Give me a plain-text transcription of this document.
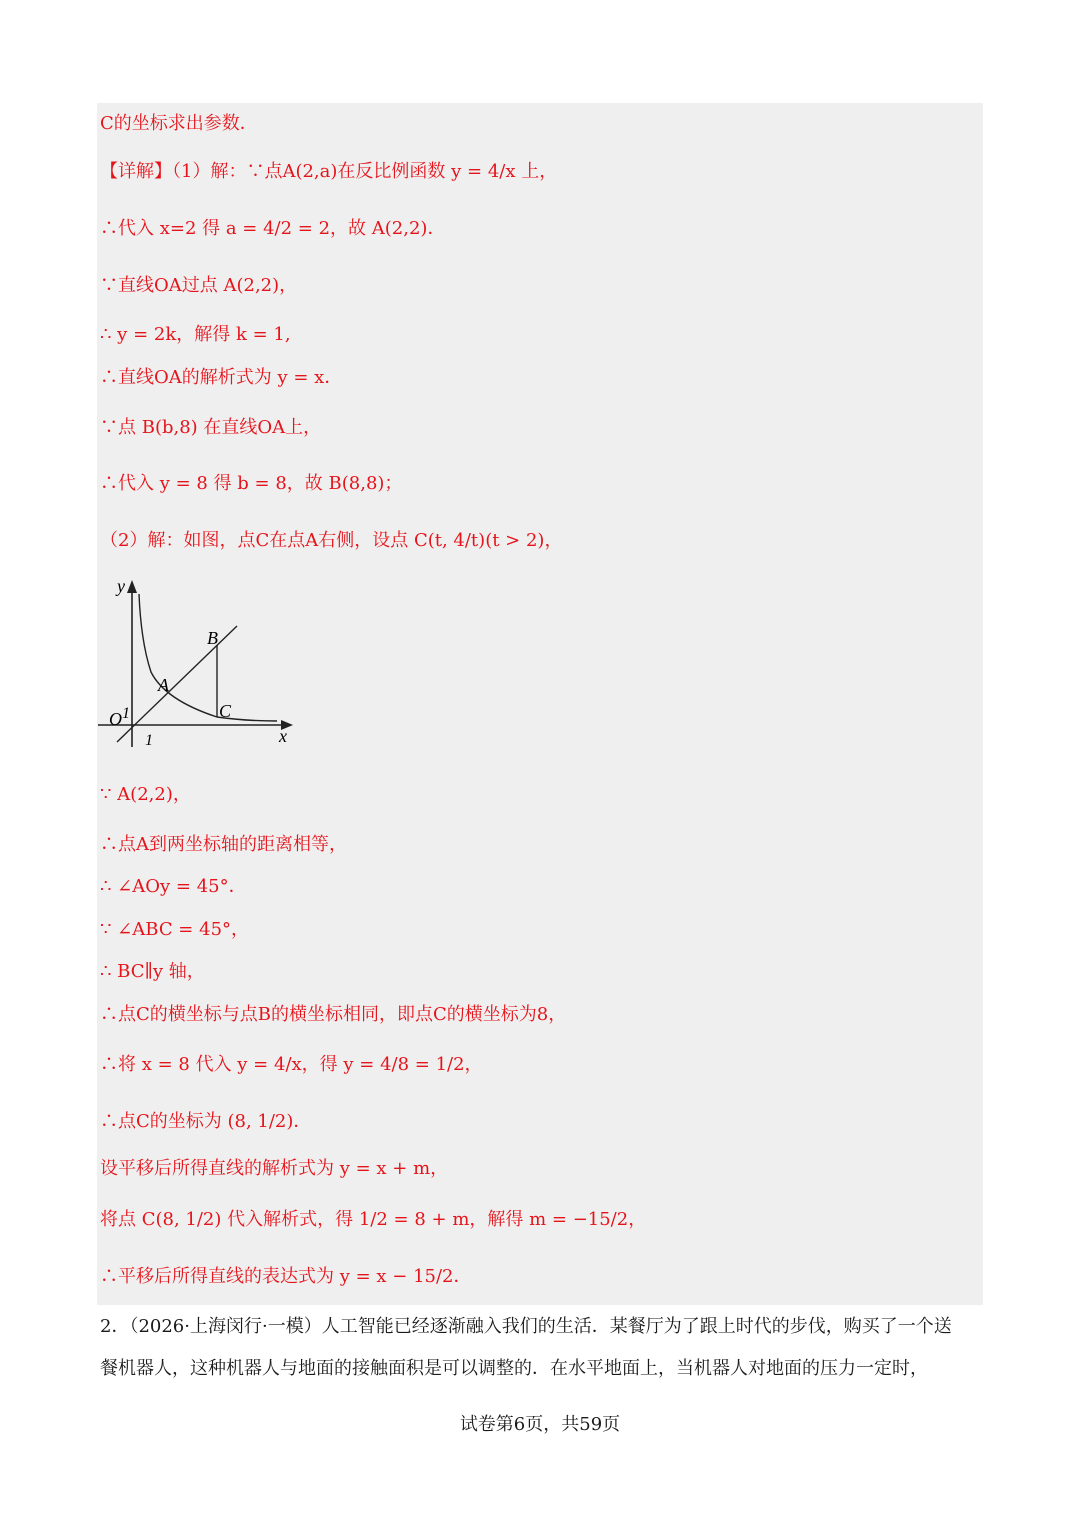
C的坐标求出参数．
【详解】（1）解：∵点A(2,a)在反比例函数 y = 4/x 上，
∴代入 x=2 得 a = 4/2 = 2，故 A(2,2)．
∵直线OA过点 A(2,2)，
∴ y = 2k，解得 k = 1,
∴直线OA的解析式为 y = x．
∵点 B(b,8) 在直线OA上，
∴代入 y = 8 得 b = 8，故 B(8,8)；
（2）解：如图，点C在点A右侧，设点 C(t, 4/t)(t > 2)，
y
x
O
A
B
C
1
1
∵ A(2,2)，
∴点A到两坐标轴的距离相等，
∴ ∠AOy = 45°．
∵ ∠ABC = 45°，
∴ BC∥y 轴，
∴点C的横坐标与点B的横坐标相同，即点C的横坐标为8，
∴将 x = 8 代入 y = 4/x，得 y = 4/8 = 1/2，
∴点C的坐标为 (8, 1/2)．
设平移后所得直线的解析式为 y = x + m，
将点 C(8, 1/2) 代入解析式，得 1/2 = 8 + m，解得 m = −15/2，
∴平移后所得直线的表达式为 y = x − 15/2．
2．（2026·上海闵行·一模）人工智能已经逐渐融入我们的生活．某餐厅为了跟上时代的步伐，购买了一个送
餐机器人，这种机器人与地面的接触面积是可以调整的．在水平地面上，当机器人对地面的压力一定时，
试卷第6页，共59页
